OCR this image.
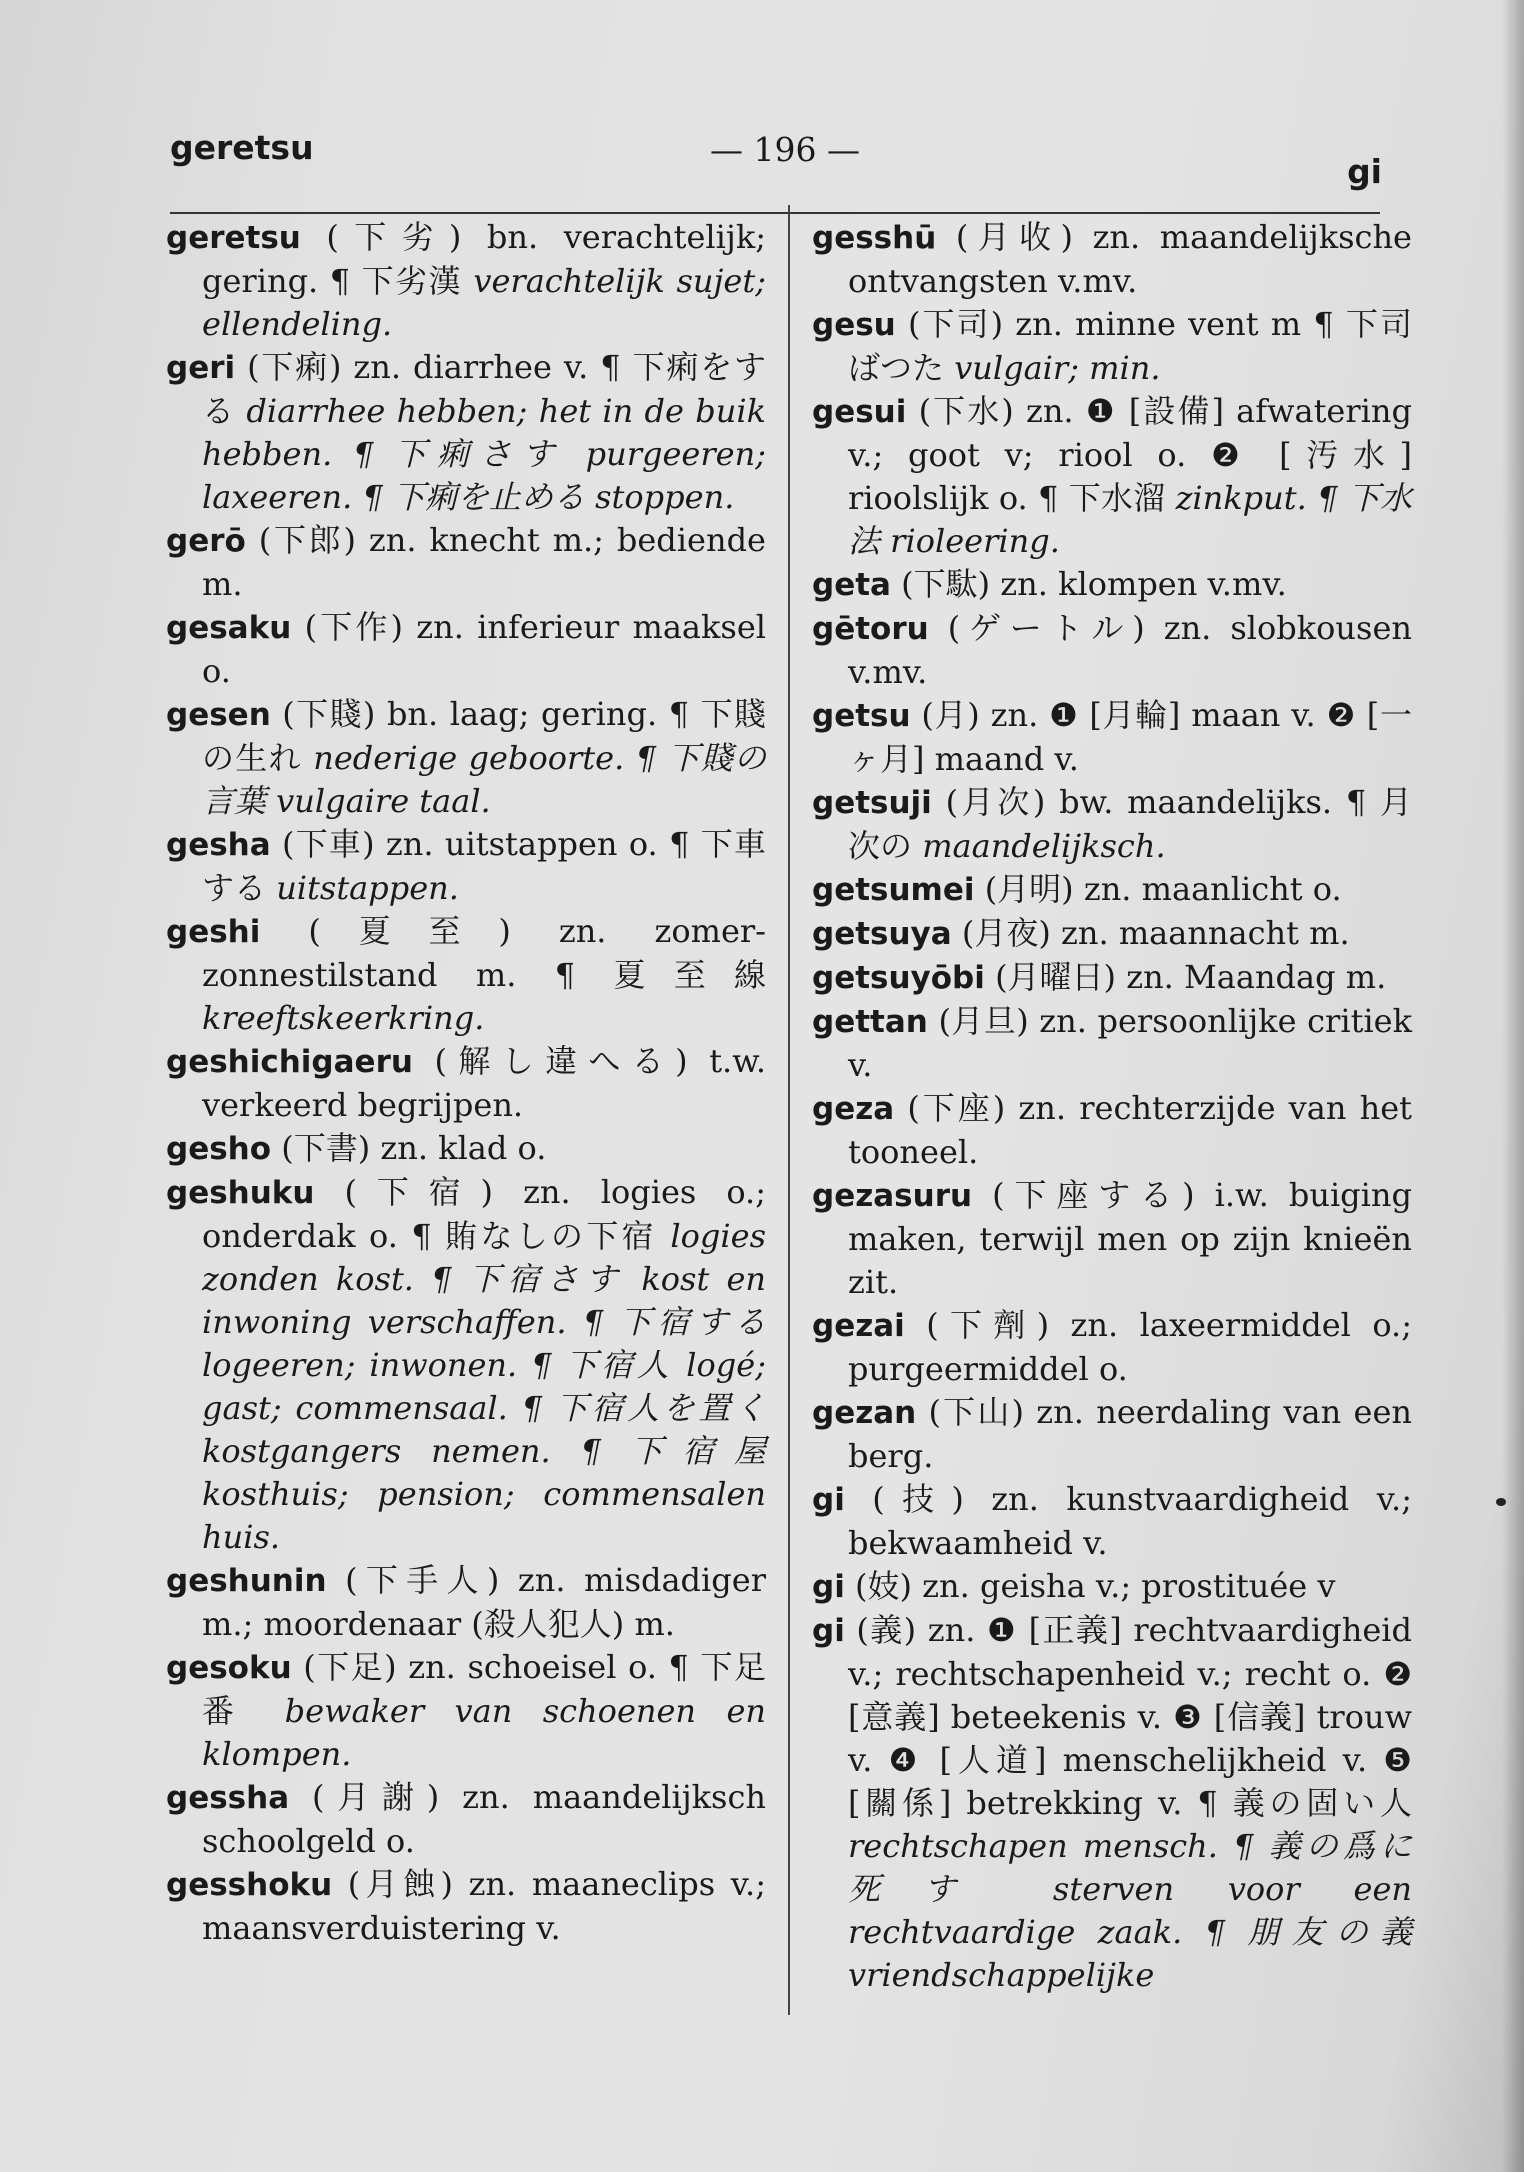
geretsu	— 196 —
gi

geretsu (下劣) bn. verachtelijk; gering. ¶ 下劣漢 verachtelijk sujet; ellendeling.

geri (下痢) zn. diarrhee v. ¶ 下痢をする diarrhee hebben; het in de buik hebben. ¶ 下痢さす purgeeren; laxeeren. ¶ 下痢を止める stoppen.

gerō (下郎) zn. knecht m.; bediende m.

gesaku (下作) zn. inferieur maaksel o.

gesen (下賤) bn. laag; gering. ¶ 下賤の生れ nederige geboorte. ¶ 下賤の言葉 vulgaire taal.

gesha (下車) zn. uitstappen o. ¶ 下車する uitstappen.

geshi (夏至) zn. zomer-zonnestilstand m. ¶ 夏至線 kreeftskeerkring.

geshichigaeru (解し違へる) t.w. verkeerd begrijpen.

gesho (下書) zn. klad o.

geshuku (下宿) zn. logies o.; onderdak o. ¶ 賄なしの下宿 logies zonden kost. ¶ 下宿さす kost en inwoning verschaffen. ¶ 下宿する logeeren; inwonen. ¶ 下宿人 logé; gast; commensaal. ¶ 下宿人を置く kostgangers nemen. ¶ 下宿屋 kosthuis; pension; commensalen huis.

geshunin (下手人) zn. misdadiger m.; moordenaar (殺人犯人) m.

gesoku (下足) zn. schoeisel o. ¶ 下足番 bewaker van schoenen en klompen.

gessha (月謝) zn. maandelijksch schoolgeld o.

gesshoku (月蝕) zn. maaneclips v.; maansverduistering v.

gesshū (月收) zn. maandelijksche ontvangsten v.mv.

gesu (下司) zn. minne vent m ¶ 下司ばつた vulgair; min.

gesui (下水) zn. ❶ [設備] afwatering v.; goot v; riool o. ❷ [汚水] rioolslijk o. ¶ 下水溜 zinkput. ¶ 下水法 rioleering.

geta (下駄) zn. klompen v.mv.

gētoru (ゲートル) zn. slobkousen v.mv.

getsu (月) zn. ❶ [月輪] maan v. ❷ [一ヶ月] maand v.

getsuji (月次) bw. maandelijks. ¶ 月次の maandelijksch.

getsumei (月明) zn. maanlicht o.

getsuya (月夜) zn. maannacht m.

getsuyōbi (月曜日) zn. Maandag m.

gettan (月旦) zn. persoonlijke critiek v.

geza (下座) zn. rechterzijde van het tooneel.

gezasuru (下座する) i.w. buiging maken, terwijl men op zijn knieën zit.

gezai (下劑) zn. laxeermiddel o.; purgeermiddel o.

gezan (下山) zn. neerdaling van een berg.

gi (技) zn. kunstvaardigheid v.; bekwaamheid v.

gi (妓) zn. geisha v.; prostituée v

gi (義) zn. ❶ [正義] rechtvaardigheid v.; rechtschapenheid v.; recht o. ❷ [意義] beteekenis v. ❸ [信義] trouw v. ❹ [人道] menschelijkheid v. ❺ [關係] betrekking v. ¶ 義の固い人 rechtschapen mensch. ¶ 義の爲に死す sterven voor een rechtvaardige zaak. ¶ 朋友の義 vriendschappelijke
